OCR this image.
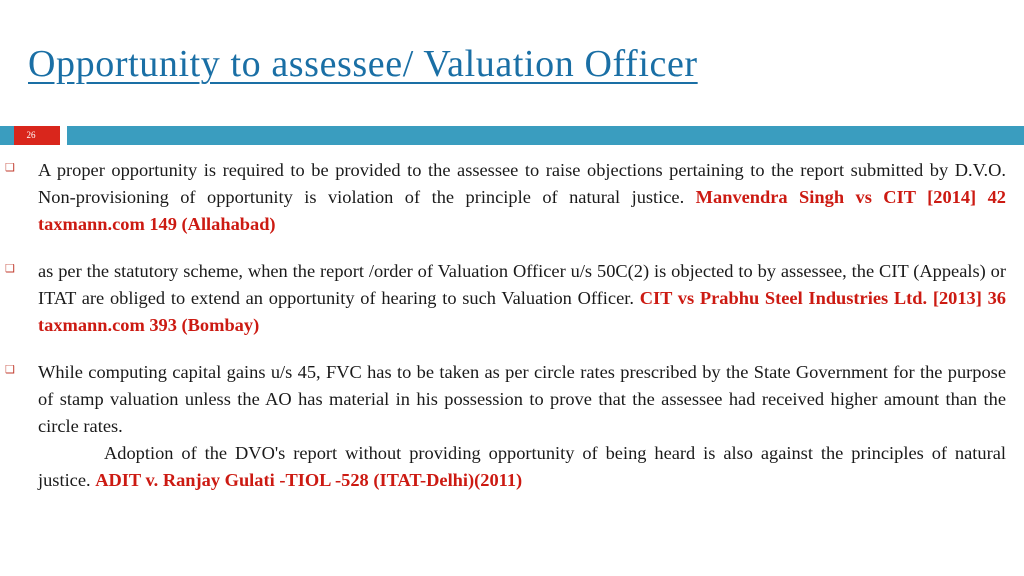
Opportunity to assessee/ Valuation Officer
26
❑ A proper opportunity is required to be provided to the assessee to raise objections pertaining to the report submitted by D.V.O. Non-provisioning of opportunity is violation of the principle of natural justice. Manvendra Singh vs CIT [2014] 42 taxmann.com 149 (Allahabad)
❑ as per the statutory scheme, when the report /order of Valuation Officer u/s 50C(2) is objected to by assessee, the CIT (Appeals) or ITAT are obliged to extend an opportunity of hearing to such Valuation Officer. CIT vs Prabhu Steel Industries Ltd. [2013] 36 taxmann.com 393 (Bombay)
❑ While computing capital gains u/s 45, FVC has to be taken as per circle rates prescribed by the State Government for the purpose of stamp valuation unless the AO has material in his possession to prove that the assessee had received higher amount than the circle rates.
Adoption of the DVO's report without providing opportunity of being heard is also against the principles of natural justice. ADIT v. Ranjay Gulati -TIOL -528 (ITAT-Delhi)(2011)
